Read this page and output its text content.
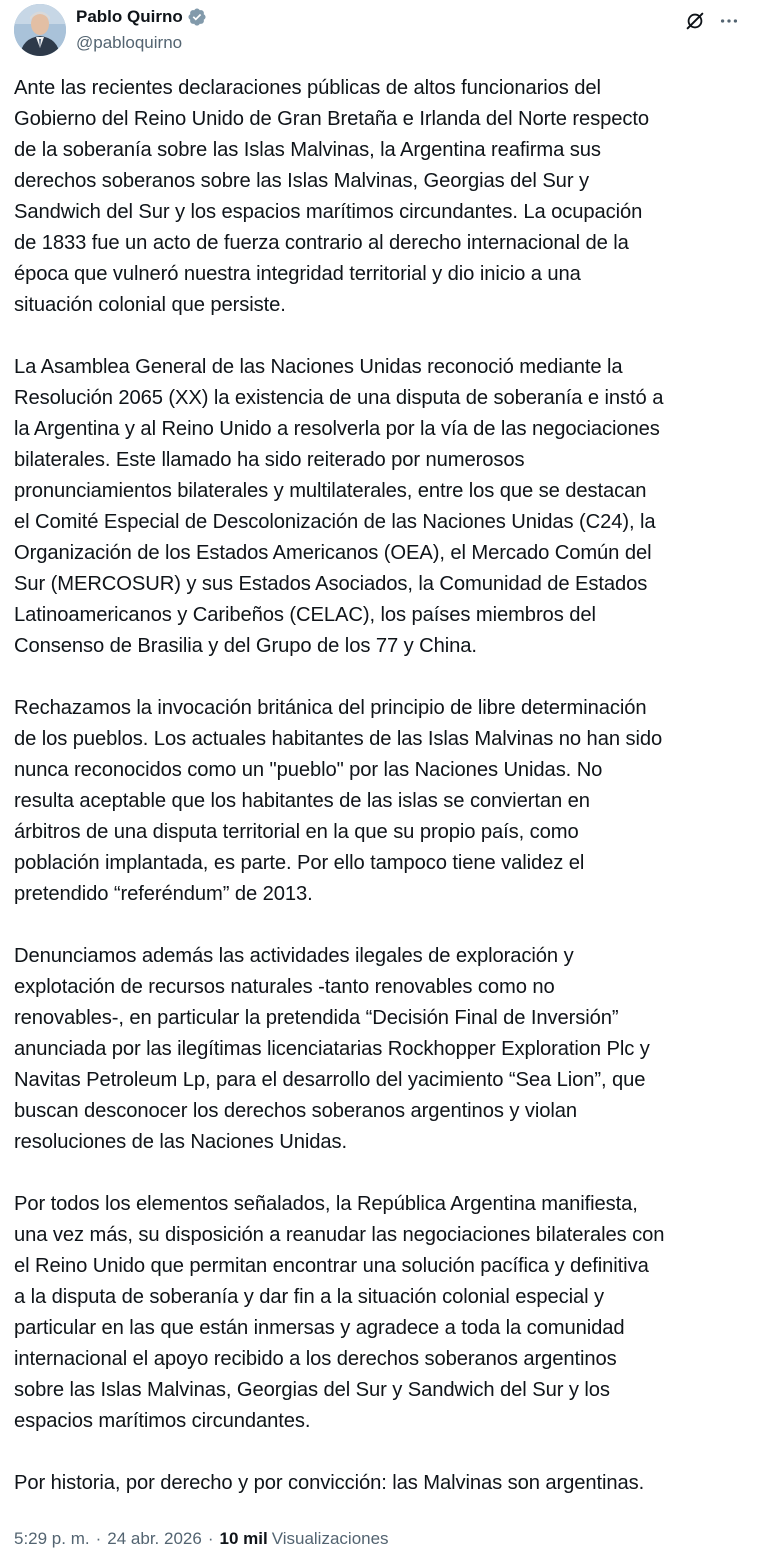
Pablo Quirno
@pabloquirno
Ante las recientes declaraciones públicas de altos funcionarios del
Gobierno del Reino Unido de Gran Bretaña e Irlanda del Norte respecto
de la soberanía sobre las Islas Malvinas, la Argentina reafirma sus
derechos soberanos sobre las Islas Malvinas, Georgias del Sur y
Sandwich del Sur y los espacios marítimos circundantes. La ocupación
de 1833 fue un acto de fuerza contrario al derecho internacional de la
época que vulneró nuestra integridad territorial y dio inicio a una
situación colonial que persiste.
La Asamblea General de las Naciones Unidas reconoció mediante la
Resolución 2065 (XX) la existencia de una disputa de soberanía e instó a
la Argentina y al Reino Unido a resolverla por la vía de las negociaciones
bilaterales. Este llamado ha sido reiterado por numerosos
pronunciamientos bilaterales y multilaterales, entre los que se destacan
el Comité Especial de Descolonización de las Naciones Unidas (C24), la
Organización de los Estados Americanos (OEA), el Mercado Común del
Sur (MERCOSUR) y sus Estados Asociados, la Comunidad de Estados
Latinoamericanos y Caribeños (CELAC), los países miembros del
Consenso de Brasilia y del Grupo de los 77 y China.
Rechazamos la invocación británica del principio de libre determinación
de los pueblos. Los actuales habitantes de las Islas Malvinas no han sido
nunca reconocidos como un "pueblo" por las Naciones Unidas. No
resulta aceptable que los habitantes de las islas se conviertan en
árbitros de una disputa territorial en la que su propio país, como
población implantada, es parte. Por ello tampoco tiene validez el
pretendido “referéndum” de 2013.
Denunciamos además las actividades ilegales de exploración y
explotación de recursos naturales -tanto renovables como no
renovables-, en particular la pretendida “Decisión Final de Inversión”
anunciada por las ilegítimas licenciatarias Rockhopper Exploration Plc y
Navitas Petroleum Lp, para el desarrollo del yacimiento “Sea Lion”, que
buscan desconocer los derechos soberanos argentinos y violan
resoluciones de las Naciones Unidas.
Por todos los elementos señalados, la República Argentina manifiesta,
una vez más, su disposición a reanudar las negociaciones bilaterales con
el Reino Unido que permitan encontrar una solución pacífica y definitiva
a la disputa de soberanía y dar fin a la situación colonial especial y
particular en las que están inmersas y agradece a toda la comunidad
internacional el apoyo recibido a los derechos soberanos argentinos
sobre las Islas Malvinas, Georgias del Sur y Sandwich del Sur y los
espacios marítimos circundantes.
Por historia, por derecho y por convicción: las Malvinas son argentinas.
5:29 p. m. · 24 abr. 2026 · 10 mil Visualizaciones
